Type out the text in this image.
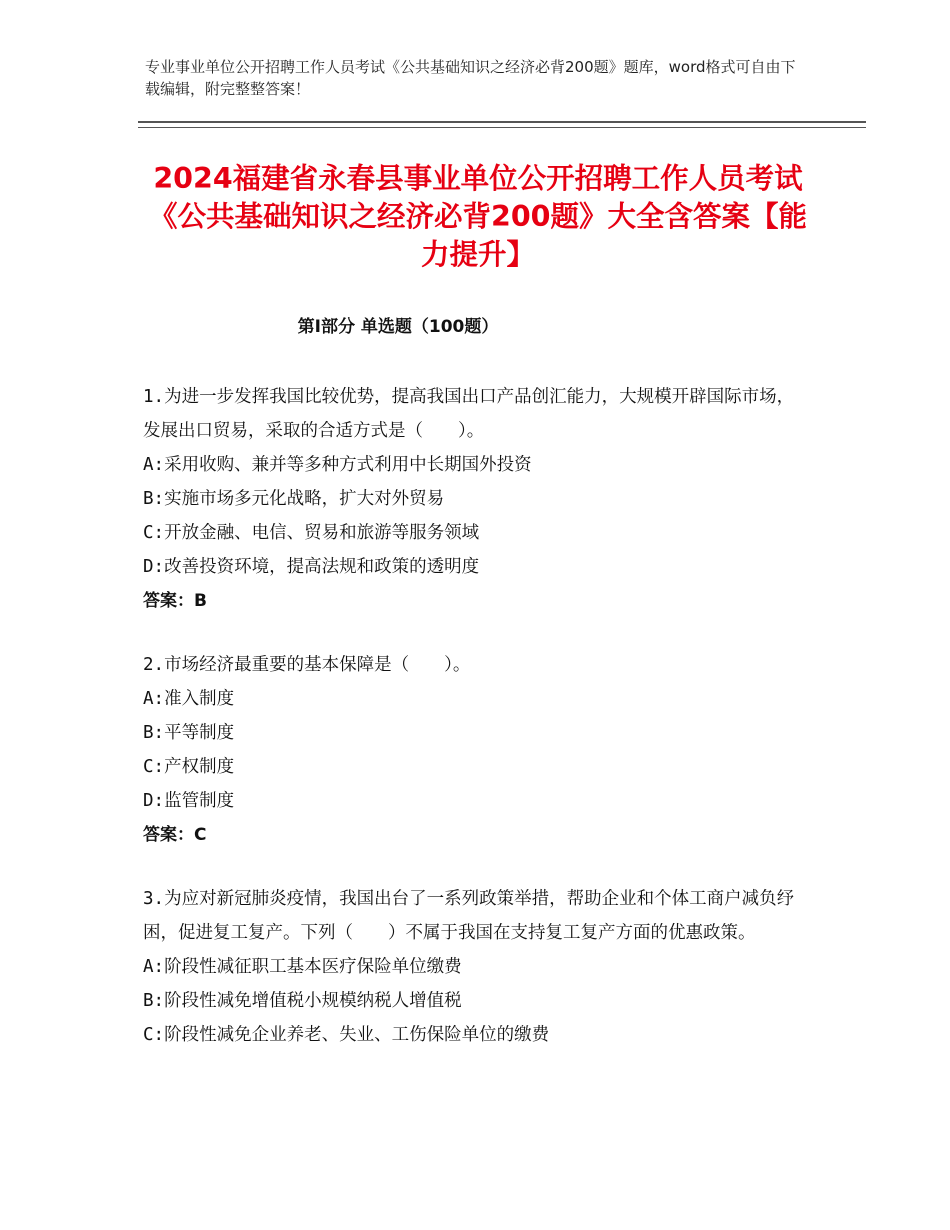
专业事业单位公开招聘工作人员考试《公共基础知识之经济必背200题》题库，word格式可自由下载编辑，附完整整答案！
2024福建省永春县事业单位公开招聘工作人员考试《公共基础知识之经济必背200题》大全含答案【能力提升】
第Ⅰ部分 单选题（100题）
1.为进一步发挥我国比较优势，提高我国出口产品创汇能力，大规模开辟国际市场，发展出口贸易，采取的合适方式是（　　）。
A:采用收购、兼并等多种方式利用中长期国外投资
B:实施市场多元化战略，扩大对外贸易
C:开放金融、电信、贸易和旅游等服务领域
D:改善投资环境，提高法规和政策的透明度
答案：B
2.市场经济最重要的基本保障是（　　）。
A:准入制度
B:平等制度
C:产权制度
D:监管制度
答案：C
3.为应对新冠肺炎疫情，我国出台了一系列政策举措，帮助企业和个体工商户减负纾困，促进复工复产。下列（　　）不属于我国在支持复工复产方面的优惠政策。
A:阶段性减征职工基本医疗保险单位缴费
B:阶段性减免增值税小规模纳税人增值税
C:阶段性减免企业养老、失业、工伤保险单位的缴费
